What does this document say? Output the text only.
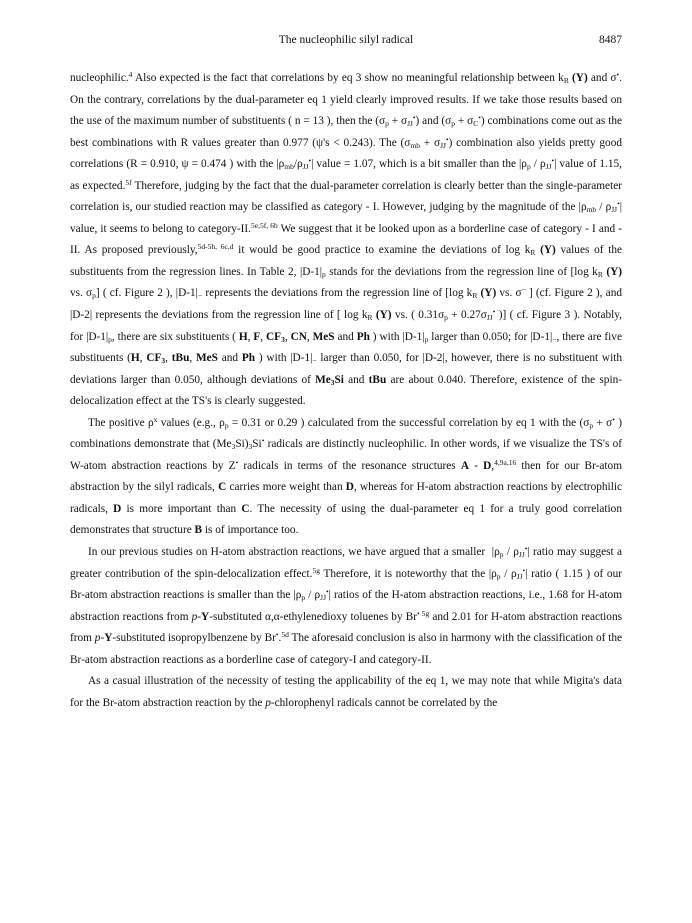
The nucleophilic silyl radical	8487

nucleophilic.$^4$ Also expected is the fact that correlations by eq 3 show no meaningful relationship between $k_R$ (Y) and σ•. On the contrary, correlations by the dual-parameter eq 1 yield clearly improved results. If we take those results based on the use of the maximum number of substituents ( n = 13 ), then the $(\sigma_p + \sigma_{JJ}^•)$ and $(\sigma_p + \sigma_C^•)$ combinations come out as the best combinations with R values greater than 0.977 (ψ's < 0.243). The $(\sigma_{mb} + \sigma_{JJ}^•)$ combination also yields pretty good correlations (R = 0.910, ψ = 0.474 ) with the $|\rho_{mb}/\rho_{JJ}^•|$ value = 1.07, which is a bit smaller than the $|\rho_p / \rho_{JJ}^•|$ value of 1.15, as expected.$^{5f}$ Therefore, judging by the fact that the dual-parameter correlation is clearly better than the single-parameter correlation is, our studied reaction may be classified as category - I. However, judging by the magnitude of the $|\rho_{mb} / \rho_{JJ}^•|$ value, it seems to belong to category-II.$^{5e,5f, 6b}$ We suggest that it be looked upon as a borderline case of category - I and - II. As proposed previously,$^{5d-5h, 6c,d}$ it would be good practice to examine the deviations of $\log k_R$ (Y) values of the substituents from the regression lines. In Table 2, $|D-1|_p$ stands for the deviations from the regression line of [log $k_R$ (Y) vs. $\sigma_p$] ( cf. Figure 2 ), $|D-1|_-$ represents the deviations from the regression line of [log $k_R$ (Y) vs. σ− ] (cf. Figure 2 ), and |D-2| represents the deviations from the regression line of [ $\log k_R$ (Y) vs. ( $0.31\sigma_p + 0.27\sigma_{JJ}^•$ )] ( cf. Figure 3 ). Notably, for $|D-1|_p$, there are six substituents ( H, F, $CF_3$, CN, MeS and Ph ) with $|D-1|_p$ larger than 0.050; for $|D-1|_-$, there are five substituents (H, $CF_3$, tBu, MeS and Ph ) with $|D-1|_-$ larger than 0.050, for |D-2|, however, there is no substituent with deviations larger than 0.050, although deviations of $Me_3Si$ and tBu are about 0.040. Therefore, existence of the spin-delocalization effect at the TS's is clearly suggested.

The positive $\rho^x$ values (e.g., $\rho_p = 0.31$ or 0.29 ) calculated from the successful correlation by eq 1 with the ($\sigma_p + \sigma^•$ ) combinations demonstrate that $(Me_3Si)_3Si^•$ radicals are distinctly nucleophilic. In other words, if we visualize the TS's of W-atom abstraction reactions by Z• radicals in terms of the resonance structures A - D,$^{4,9a,16}$ then for our Br-atom abstraction by the silyl radicals, C carries more weight than D, whereas for H-atom abstraction reactions by electrophilic radicals, D is more important than C. The necessity of using the dual-parameter eq 1 for a truly good correlation demonstrates that structure B is of importance too.

In our previous studies on H-atom abstraction reactions, we have argued that a smaller  $|\rho_p / \rho_{JJ}^•|$ ratio may suggest a greater contribution of the spin-delocalization effect.$^{5g}$ Therefore, it is noteworthy that the $|\rho_p / \rho_{JJ}^•|$ ratio ( 1.15 ) of our Br-atom abstraction reactions is smaller than the $|\rho_p / \rho_{JJ}^•|$ ratios of the H-atom abstraction reactions, i.e., 1.68 for H-atom abstraction reactions from p-Y-substituted α,α-ethylenedioxy toluenes by $Br^{• 5g}$ and 2.01 for H-atom abstraction reactions from p-Y-substituted isopropylbenzene by Br•.$^{5d}$ The aforesaid conclusion is also in harmony with the classification of the Br-atom abstraction reactions as a borderline case of category-I and category-II.

As a casual illustration of the necessity of testing the applicability of the eq 1, we may note that while Migita's data for the Br-atom abstraction reaction by the p-chlorophenyl radicals cannot be correlated by the
